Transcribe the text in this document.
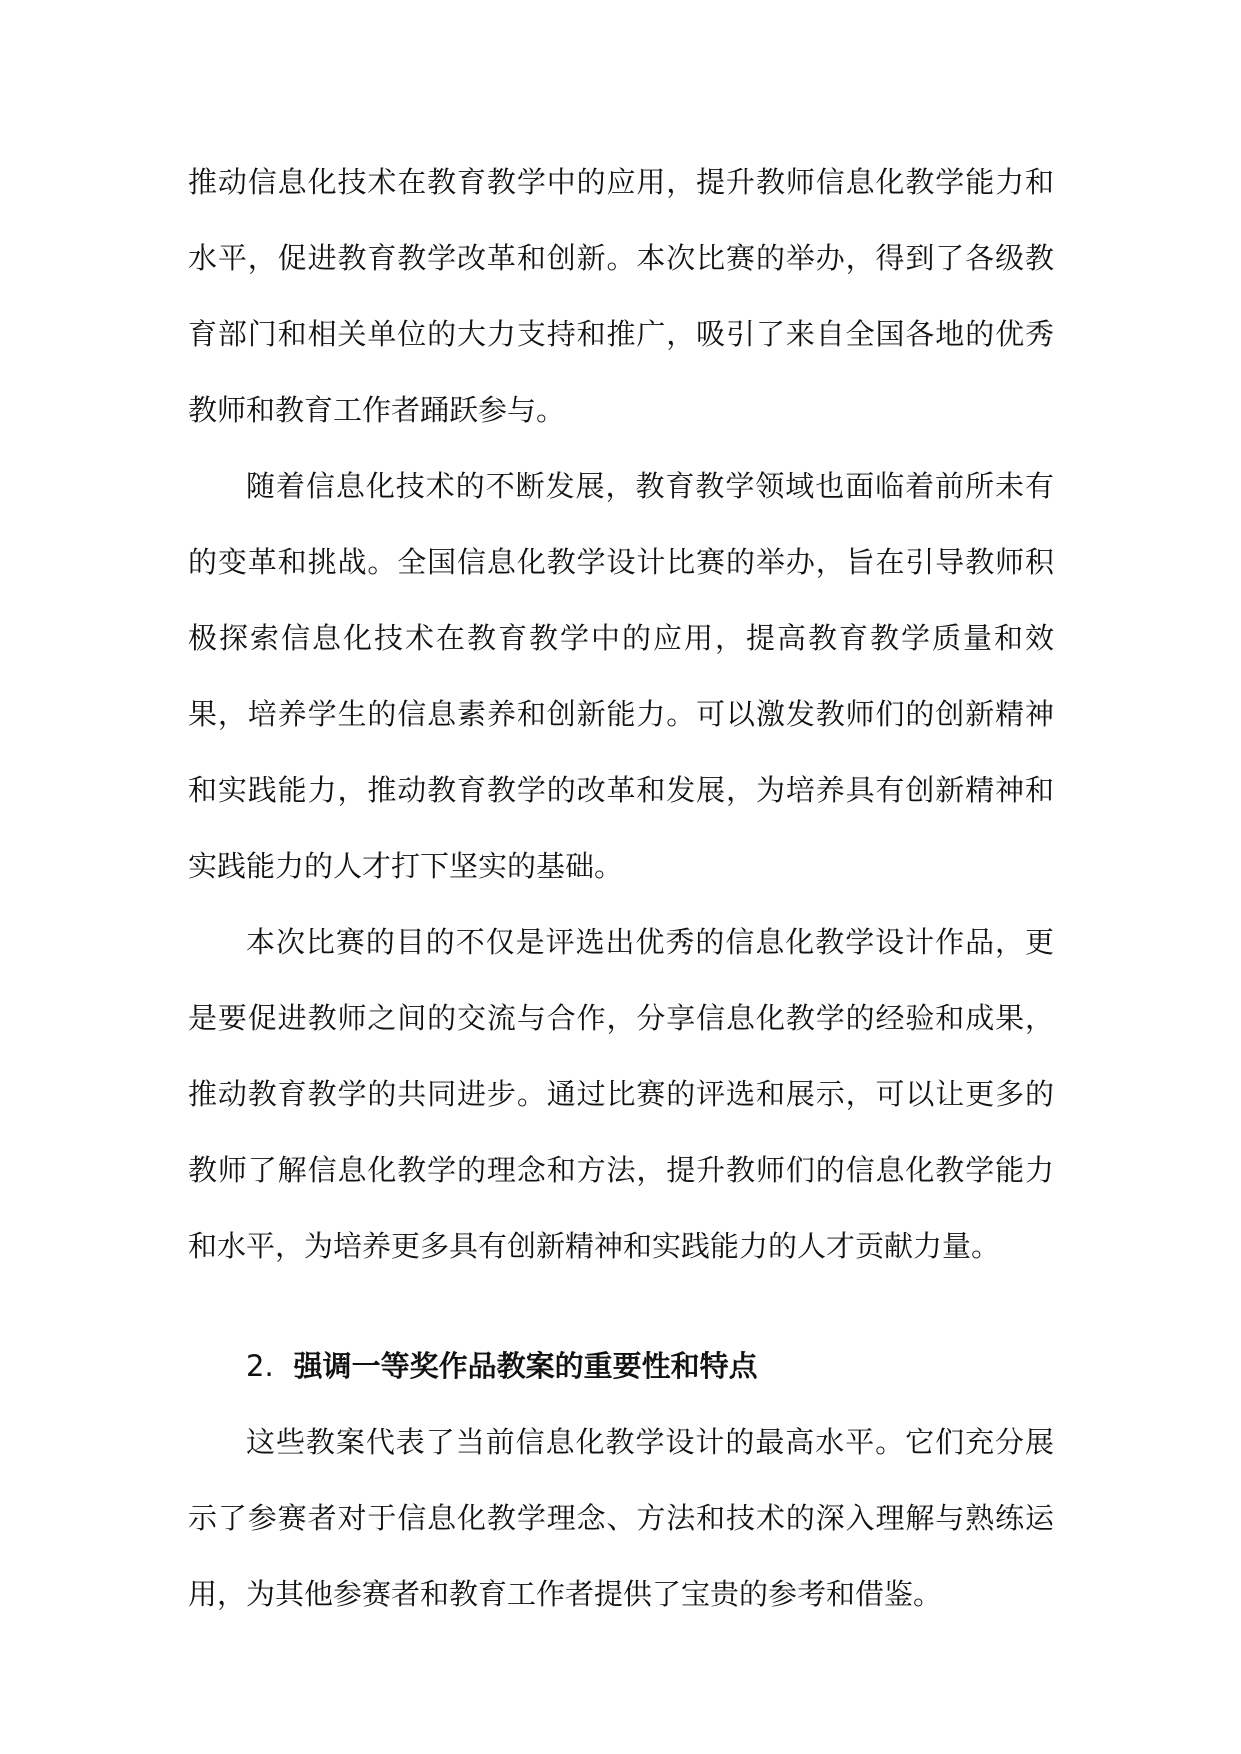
推动信息化技术在教育教学中的应用，提升教师信息化教学能力和水平，促进教育教学改革和创新。本次比赛的举办，得到了各级教育部门和相关单位的大力支持和推广，吸引了来自全国各地的优秀教师和教育工作者踊跃参与。

随着信息化技术的不断发展，教育教学领域也面临着前所未有的变革和挑战。全国信息化教学设计比赛的举办，旨在引导教师积极探索信息化技术在教育教学中的应用，提高教育教学质量和效果，培养学生的信息素养和创新能力。可以激发教师们的创新精神和实践能力，推动教育教学的改革和发展，为培养具有创新精神和实践能力的人才打下坚实的基础。

本次比赛的目的不仅是评选出优秀的信息化教学设计作品，更是要促进教师之间的交流与合作，分享信息化教学的经验和成果，推动教育教学的共同进步。通过比赛的评选和展示，可以让更多的教师了解信息化教学的理念和方法，提升教师们的信息化教学能力和水平，为培养更多具有创新精神和实践能力的人才贡献力量。

2. 强调一等奖作品教案的重要性和特点

这些教案代表了当前信息化教学设计的最高水平。它们充分展示了参赛者对于信息化教学理念、方法和技术的深入理解与熟练运用，为其他参赛者和教育工作者提供了宝贵的参考和借鉴。
